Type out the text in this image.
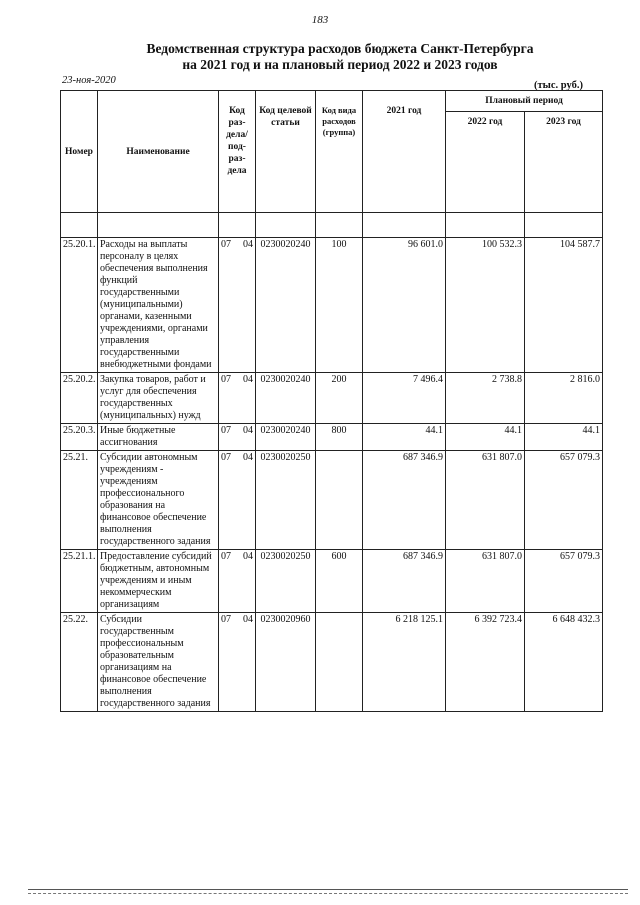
183
Ведомственная структура расходов бюджета Санкт-Петербурга
на 2021 год и на плановый период 2022 и 2023 годов
23-ноя-2020	(тыс. руб.)
Номер	Наименование	Код раз-дела/ под-раз-дела	Код целевой статьи	Код вида расходов (группа)	2021 год	Плановый период	
						2022 год	2023 год

25.20.1.	Расходы на выплаты персоналу в целях обеспечения выполнения функций государственными (муниципальными) органами, казенными учреждениями, органами управления государственными внебюджетными фондами	07 04	0230020240	100	96 601.0	100 532.3	104 587.7
25.20.2.	Закупка товаров, работ и услуг для обеспечения государственных (муниципальных) нужд	07 04	0230020240	200	7 496.4	2 738.8	2 816.0
25.20.3.	Иные бюджетные ассигнования	07 04	0230020240	800	44.1	44.1	44.1
25.21.	Субсидии автономным учреждениям - учреждениям профессионального образования на финансовое обеспечение выполнения государственного задания	07 04	0230020250		687 346.9	631 807.0	657 079.3
25.21.1.	Предоставление субсидий бюджетным, автономным учреждениям и иным некоммерческим организациям	07 04	0230020250	600	687 346.9	631 807.0	657 079.3
25.22.	Субсидии государственным профессиональным образовательным организациям на финансовое обеспечение выполнения государственного задания	07 04	0230020960		6 218 125.1	6 392 723.4	6 648 432.3
